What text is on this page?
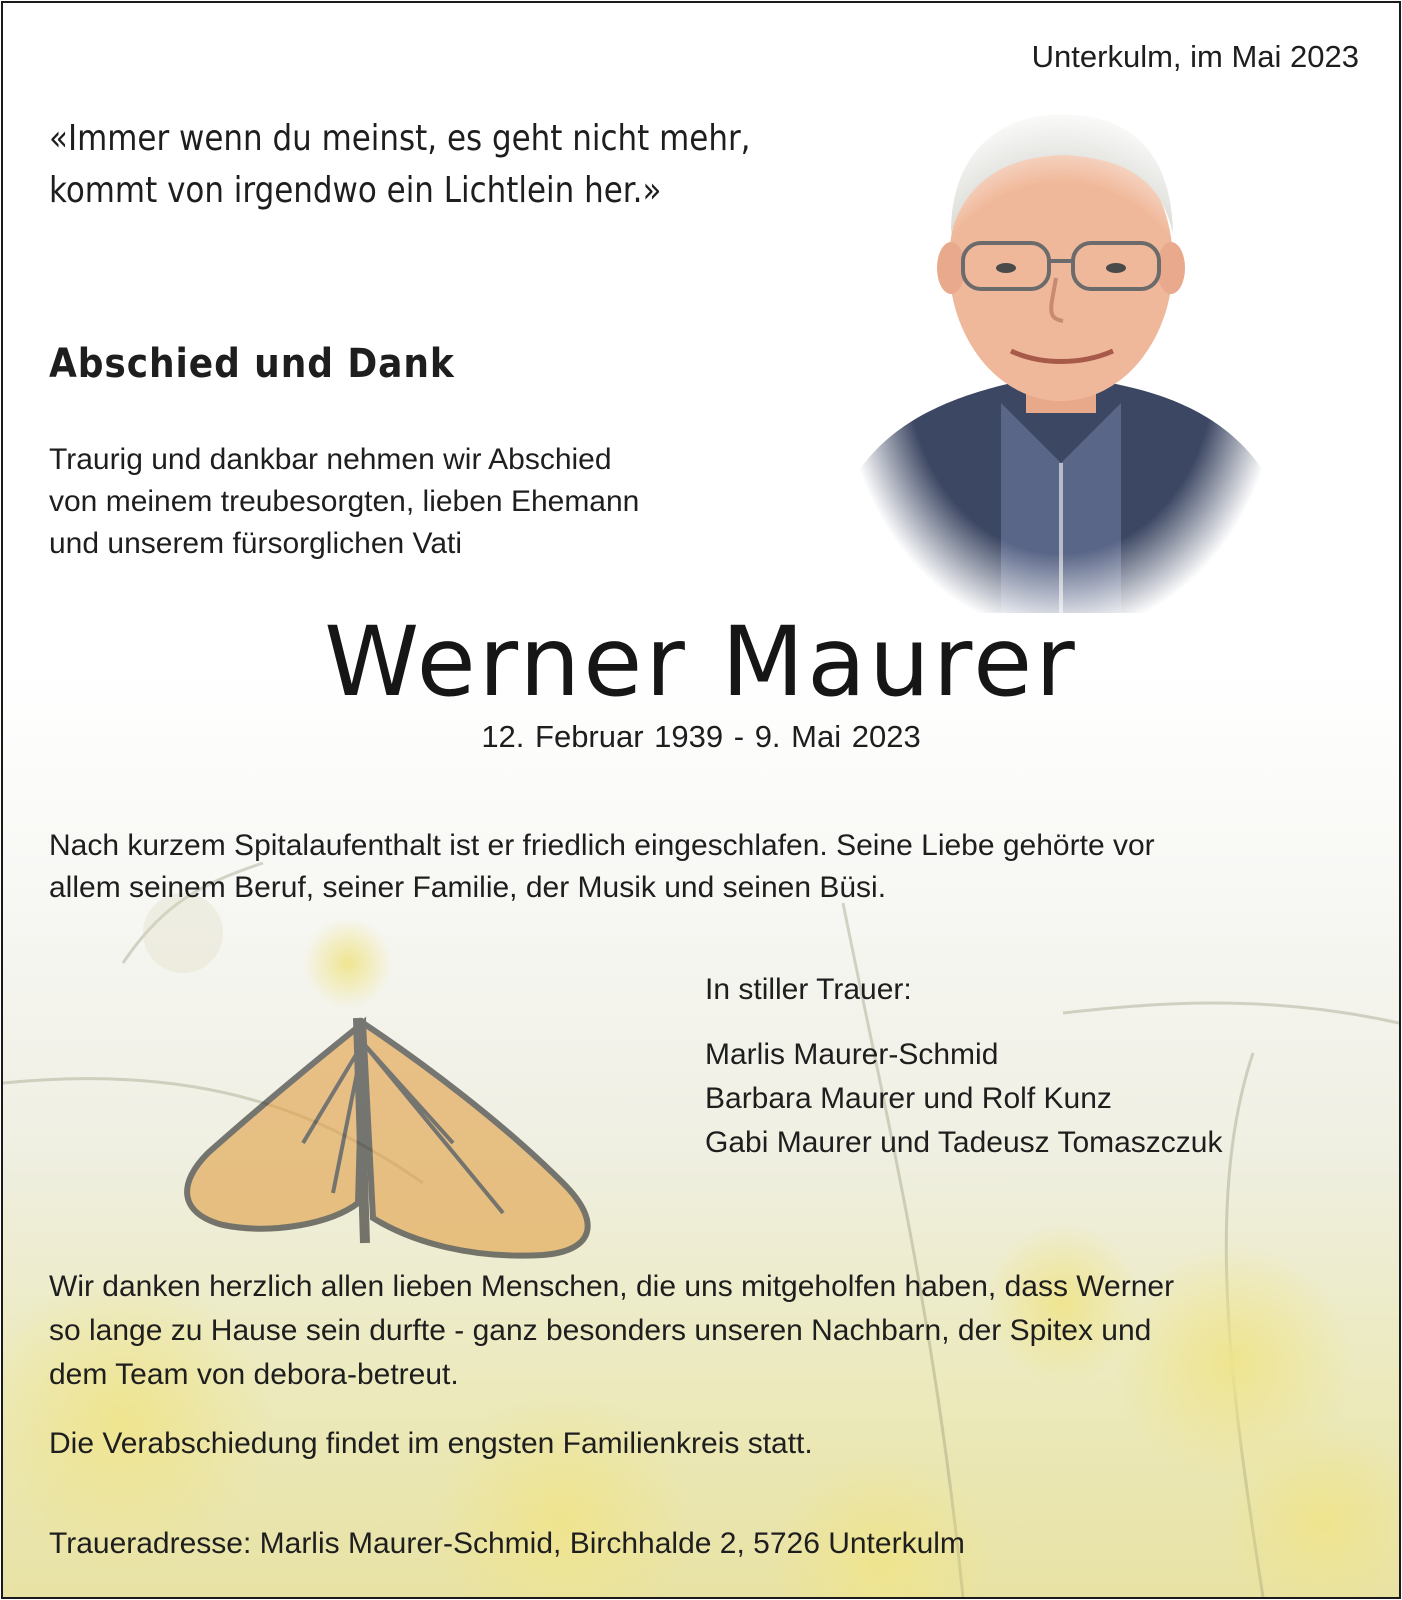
Unterkulm, im Mai 2023
«Immer wenn du meinst, es geht nicht mehr,
kommt von irgendwo ein Lichtlein her.»
Abschied und Dank
Traurig und dankbar nehmen wir Abschied
von meinem treubesorgten, lieben Ehemann
und unserem fürsorglichen Vati
Werner Maurer
12. Februar 1939 - 9. Mai 2023
Nach kurzem Spitalaufenthalt ist er friedlich eingeschlafen. Seine Liebe gehörte vor
allem seinem Beruf, seiner Familie, der Musik und seinen Büsi.
In stiller Trauer:
Marlis Maurer-Schmid
Barbara Maurer und Rolf Kunz
Gabi Maurer und Tadeusz Tomaszczuk
Wir danken herzlich allen lieben Menschen, die uns mitgeholfen haben, dass Werner
so lange zu Hause sein durfte - ganz besonders unseren Nachbarn, der Spitex und
dem Team von debora-betreut.
Die Verabschiedung findet im engsten Familienkreis statt.
Traueradresse: Marlis Maurer-Schmid, Birchhalde 2, 5726 Unterkulm
